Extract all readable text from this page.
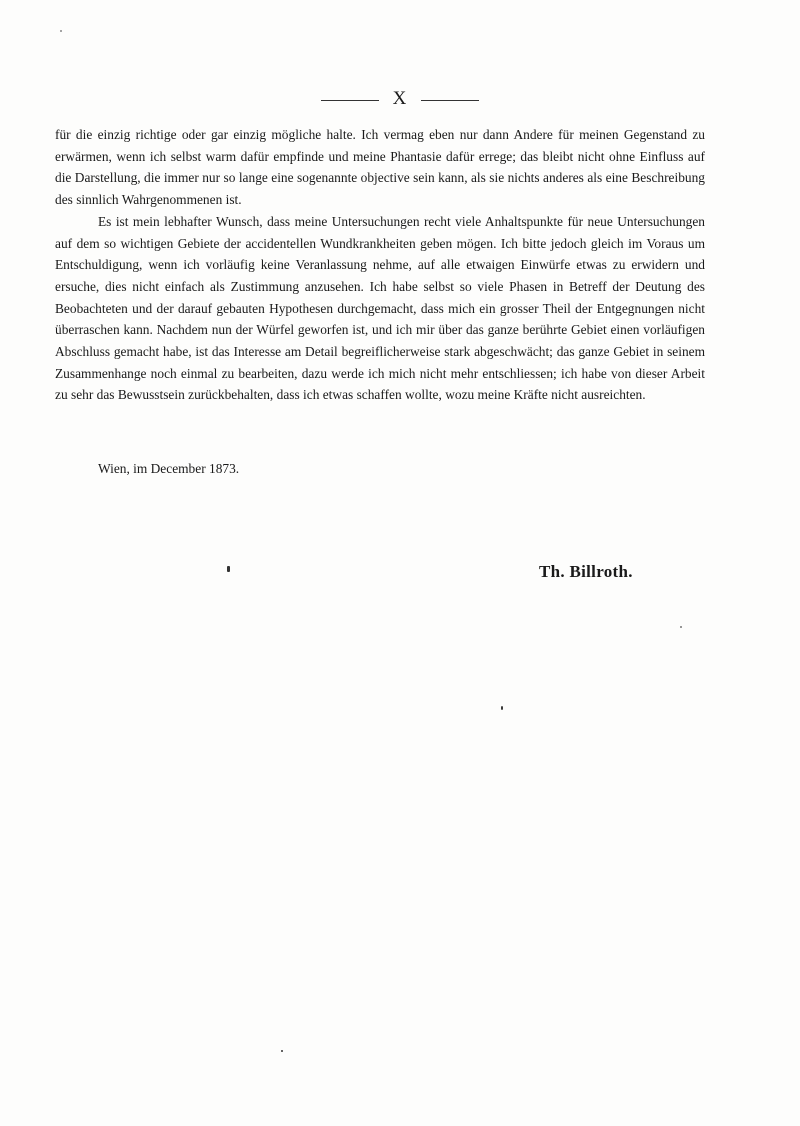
X

für die einzig richtige oder gar einzig mögliche halte. Ich vermag eben nur dann Andere für meinen Gegenstand zu erwärmen, wenn ich selbst warm dafür empfinde und meine Phantasie dafür errege; das bleibt nicht ohne Einfluss auf die Darstellung, die immer nur so lange eine sogenannte objective sein kann, als sie nichts anderes als eine Beschreibung des sinnlich Wahrgenommenen ist.

Es ist mein lebhafter Wunsch, dass meine Untersuchungen recht viele Anhaltspunkte für neue Untersuchungen auf dem so wichtigen Gebiete der accidentellen Wundkrankheiten geben mögen. Ich bitte jedoch gleich im Voraus um Entschuldigung, wenn ich vorläufig keine Veranlassung nehme, auf alle etwaigen Einwürfe etwas zu erwidern und ersuche, dies nicht einfach als Zustimmung anzusehen. Ich habe selbst so viele Phasen in Betreff der Deutung des Beobachteten und der darauf gebauten Hypothesen durchgemacht, dass mich ein grosser Theil der Entgegnungen nicht überraschen kann. Nachdem nun der Würfel geworfen ist, und ich mir über das ganze berührte Gebiet einen vorläufigen Abschluss gemacht habe, ist das Interesse am Detail begreiflicherweise stark abgeschwächt; das ganze Gebiet in seinem Zusammenhange noch einmal zu bearbeiten, dazu werde ich mich nicht mehr entschliessen; ich habe von dieser Arbeit zu sehr das Bewusstsein zurückbehalten, dass ich etwas schaffen wollte, wozu meine Kräfte nicht ausreichten.

Wien, im December 1873.
Th. Billroth.
